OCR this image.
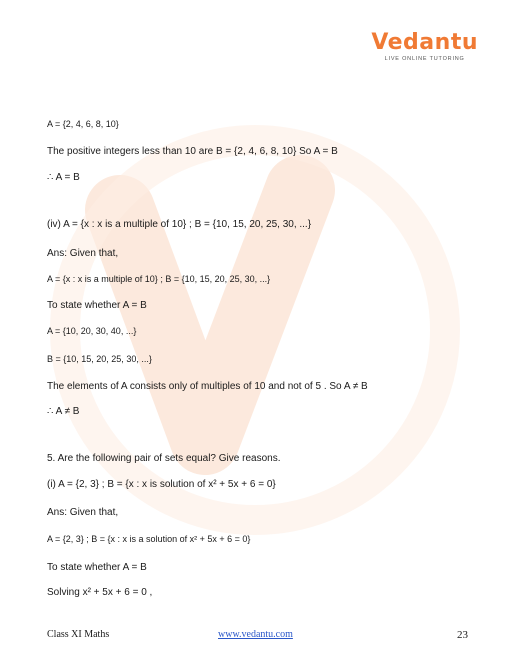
Vedantu
LIVE ONLINE TUTORING
A = {2, 4, 6, 8, 10}
The positive integers less than 10 are B = {2, 4, 6, 8, 10} So A = B
∴ A = B
(iv) A = {x : x is a multiple of 10} ; B = {10, 15, 20, 25, 30, ...}
Ans: Given that,
A = {x : x is a multiple of 10} ; B = {10, 15, 20, 25, 30, ...}
To state whether A = B
A = {10, 20, 30, 40, ...}
B = {10, 15, 20, 25, 30, ...}
The elements of A consists only of multiples of 10 and not of 5 . So A ≠ B
∴ A ≠ B
5. Are the following pair of sets equal? Give reasons.
(i) A = {2, 3} ; B = {x : x is solution of x² + 5x + 6 = 0}
Ans: Given that,
A = {2, 3} ; B = {x : x is a solution of x² + 5x + 6 = 0}
To state whether A = B
Solving x² + 5x + 6 = 0 ,
Class XI Maths	www.vedantu.com	23
